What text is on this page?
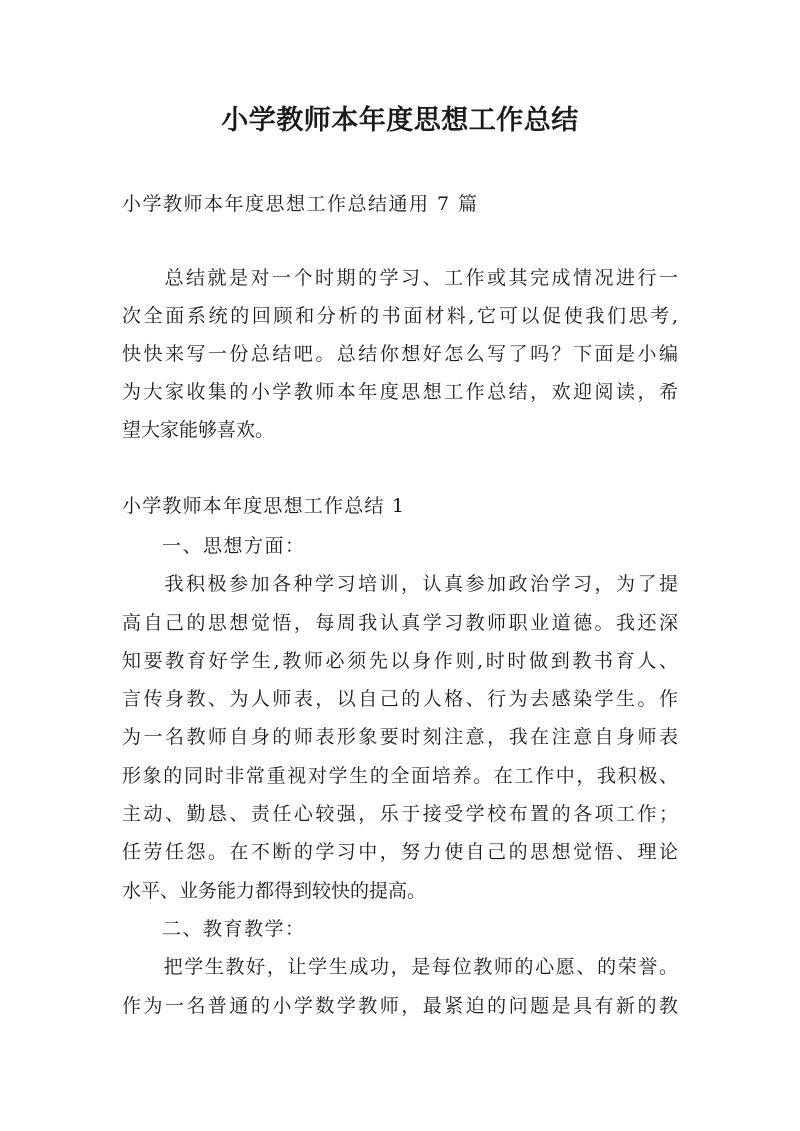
小学教师本年度思想工作总结

小学教师本年度思想工作总结通用 7 篇

总结就是对一个时期的学习、工作或其完成情况进行一
次全面系统的回顾和分析的书面材料,它可以促使我们思考,
快快来写一份总结吧。总结你想好怎么写了吗？下面是小编
为大家收集的小学教师本年度思想工作总结，欢迎阅读，希
望大家能够喜欢。

小学教师本年度思想工作总结 1

一、思想方面：
我积极参加各种学习培训，认真参加政治学习，为了提
高自己的思想觉悟，每周我认真学习教师职业道德。我还深
知要教育好学生,教师必须先以身作则,时时做到教书育人、
言传身教、为人师表，以自己的人格、行为去感染学生。作
为一名教师自身的师表形象要时刻注意，我在注意自身师表
形象的同时非常重视对学生的全面培养。在工作中，我积极、
主动、勤恳、责任心较强，乐于接受学校布置的各项工作；
任劳任怨。在不断的学习中，努力使自己的思想觉悟、理论
水平、业务能力都得到较快的提高。
二、教育教学：
把学生教好，让学生成功，是每位教师的心愿、的荣誉。
作为一名普通的小学数学教师，最紧迫的问题是具有新的教
